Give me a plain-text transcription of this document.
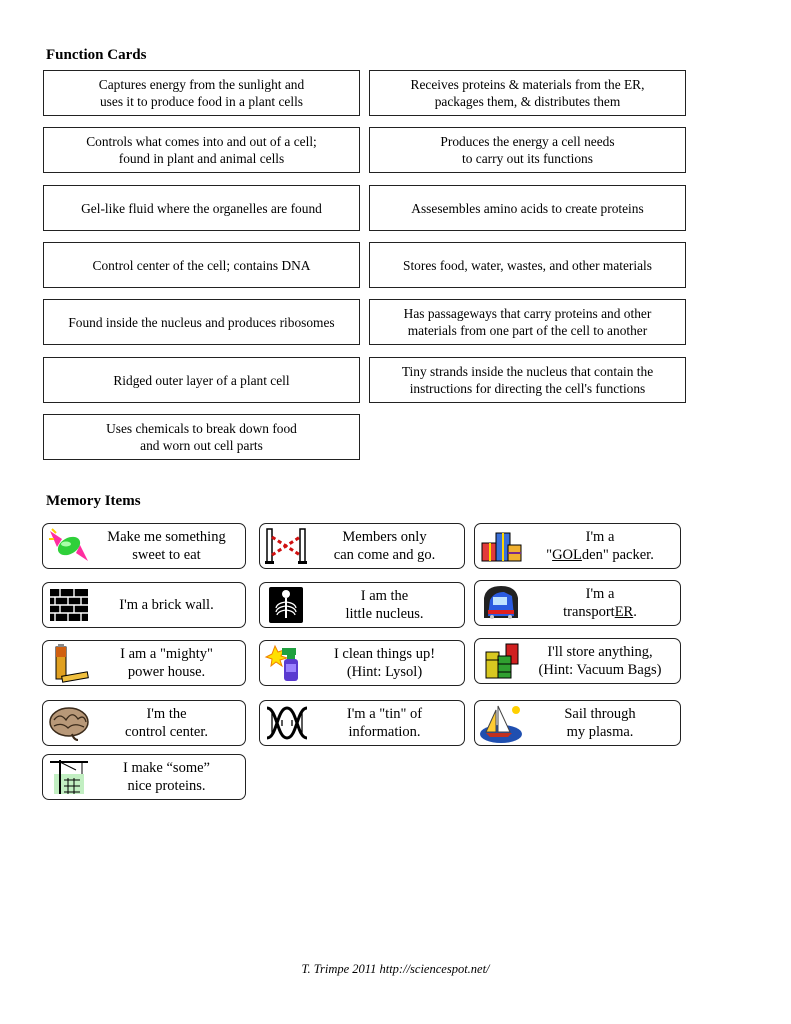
Function Cards
Captures energy from the sunlight and
uses it to produce food in a plant cells
Receives proteins & materials from the ER,
packages them, & distributes them
Controls what comes into and out of a cell;
found in plant and animal cells
Produces the energy a cell needs
to carry out its functions
Gel-like fluid where the organelles are found	Assesembles amino acids to create proteins
Control center of the cell; contains DNA	Stores food, water, wastes, and other materials
Found inside the nucleus and produces ribosomes
Has passageways that carry proteins and other
materials from one part of the cell to another
Ridged outer layer of a plant cell
Tiny strands inside the nucleus that contain the
instructions for directing the cell's functions
Uses chemicals to break down food
and worn out cell parts
Memory Items
Make me something
sweet to eat
Members only
can come and go.
I'm a
"GOLden" packer.
I'm a brick wall.
I am the
little nucleus.
I'm a
transportER.
I am a "mighty"
power house.
I clean things up!
(Hint: Lysol)
I'll store anything,
(Hint: Vacuum Bags)
I'm the
control center.
I'm a "tin" of
information.
Sail through
my plasma.
I make “some”
nice proteins.
T. Trimpe 2011 http://sciencespot.net/
